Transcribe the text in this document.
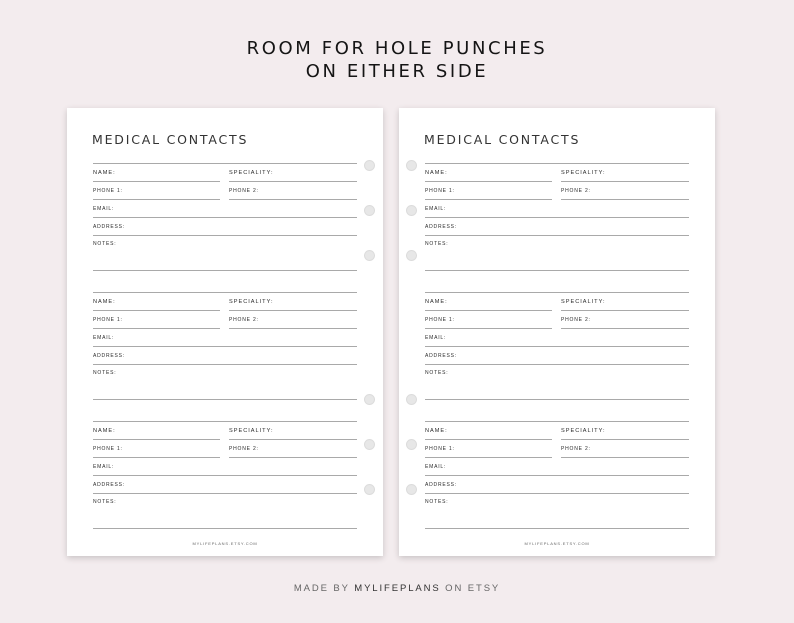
ROOM FOR HOLE PUNCHES
ON EITHER SIDE
MEDICAL CONTACTS
NAME:	SPECIALITY:
PHONE 1:	PHONE 2:
EMAIL:
ADDRESS:
NOTES:
NAME:	SPECIALITY:
PHONE 1:	PHONE 2:
EMAIL:
ADDRESS:
NOTES:
NAME:	SPECIALITY:
PHONE 1:	PHONE 2:
EMAIL:
ADDRESS:
NOTES:
MYLIFEPLANS.ETSY.COM
MEDICAL CONTACTS
NAME:	SPECIALITY:
PHONE 1:	PHONE 2:
EMAIL:
ADDRESS:
NOTES:
NAME:	SPECIALITY:
PHONE 1:	PHONE 2:
EMAIL:
ADDRESS:
NOTES:
NAME:	SPECIALITY:
PHONE 1:	PHONE 2:
EMAIL:
ADDRESS:
NOTES:
MYLIFEPLANS.ETSY.COM
MADE BY MYLIFEPLANS ON ETSY
